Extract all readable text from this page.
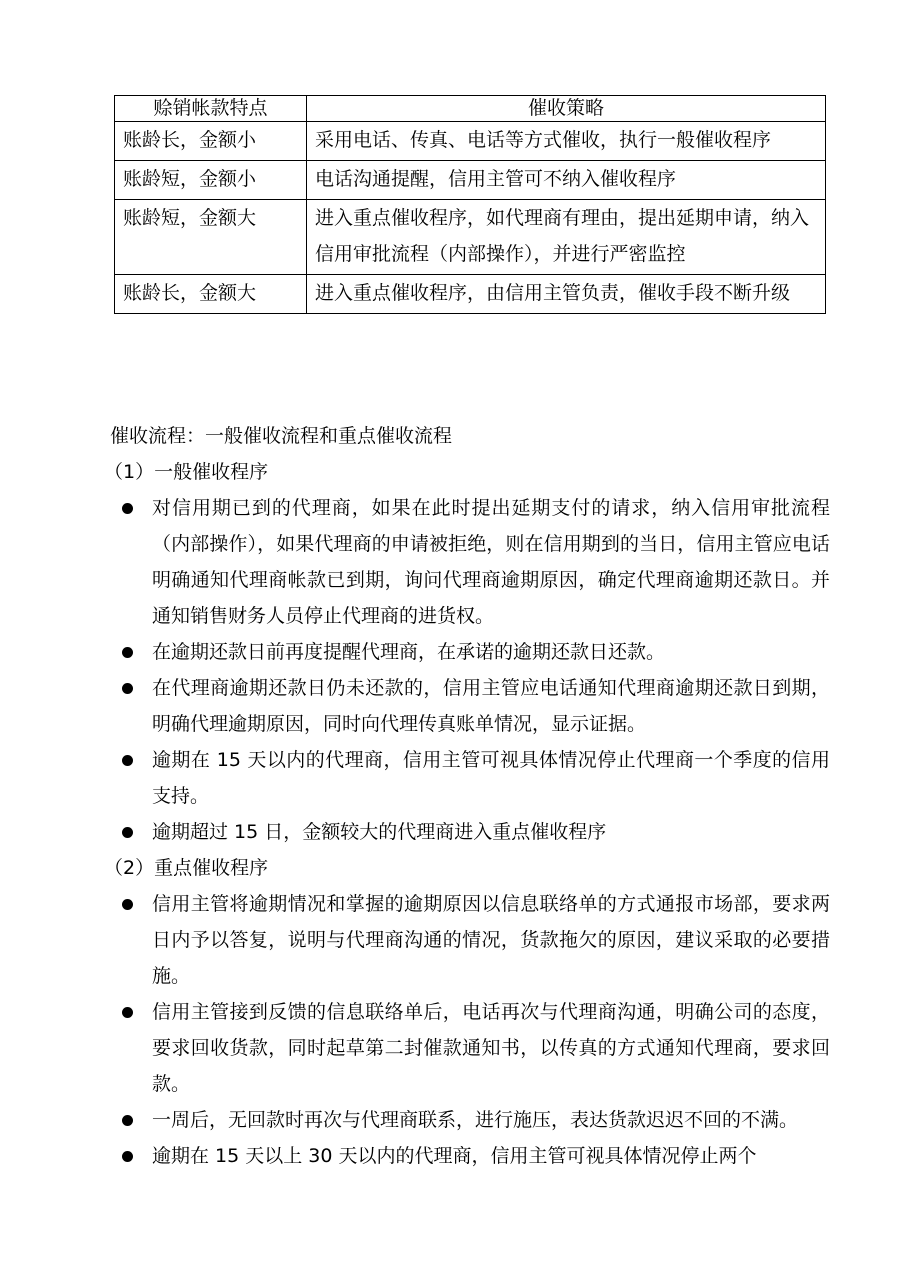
赊销帐款特点	催收策略
账龄长，金额小	采用电话、传真、电话等方式催收，执行一般催收程序
账龄短，金额小	电话沟通提醒，信用主管可不纳入催收程序
账龄短，金额大	进入重点催收程序，如代理商有理由，提出延期申请，纳入信用审批流程（内部操作），并进行严密监控
账龄长，金额大	进入重点催收程序，由信用主管负责，催收手段不断升级

催收流程：一般催收流程和重点催收流程

（1）一般催收程序

对信用期已到的代理商，如果在此时提出延期支付的请求，纳入信用审批流程（内部操作），如果代理商的申请被拒绝，则在信用期到的当日，信用主管应电话明确通知代理商帐款已到期，询问代理商逾期原因，确定代理商逾期还款日。并通知销售财务人员停止代理商的进货权。
在逾期还款日前再度提醒代理商，在承诺的逾期还款日还款。
在代理商逾期还款日仍未还款的，信用主管应电话通知代理商逾期还款日到期，明确代理逾期原因，同时向代理传真账单情况，显示证据。
逾期在 15 天以内的代理商，信用主管可视具体情况停止代理商一个季度的信用支持。
逾期超过 15 日，金额较大的代理商进入重点催收程序

（2）重点催收程序

信用主管将逾期情况和掌握的逾期原因以信息联络单的方式通报市场部，要求两日内予以答复，说明与代理商沟通的情况，货款拖欠的原因，建议采取的必要措施。
信用主管接到反馈的信息联络单后，电话再次与代理商沟通，明确公司的态度，要求回收货款，同时起草第二封催款通知书，以传真的方式通知代理商，要求回款。
一周后，无回款时再次与代理商联系，进行施压，表达货款迟迟不回的不满。
逾期在 15 天以上 30 天以内的代理商，信用主管可视具体情况停止两个
